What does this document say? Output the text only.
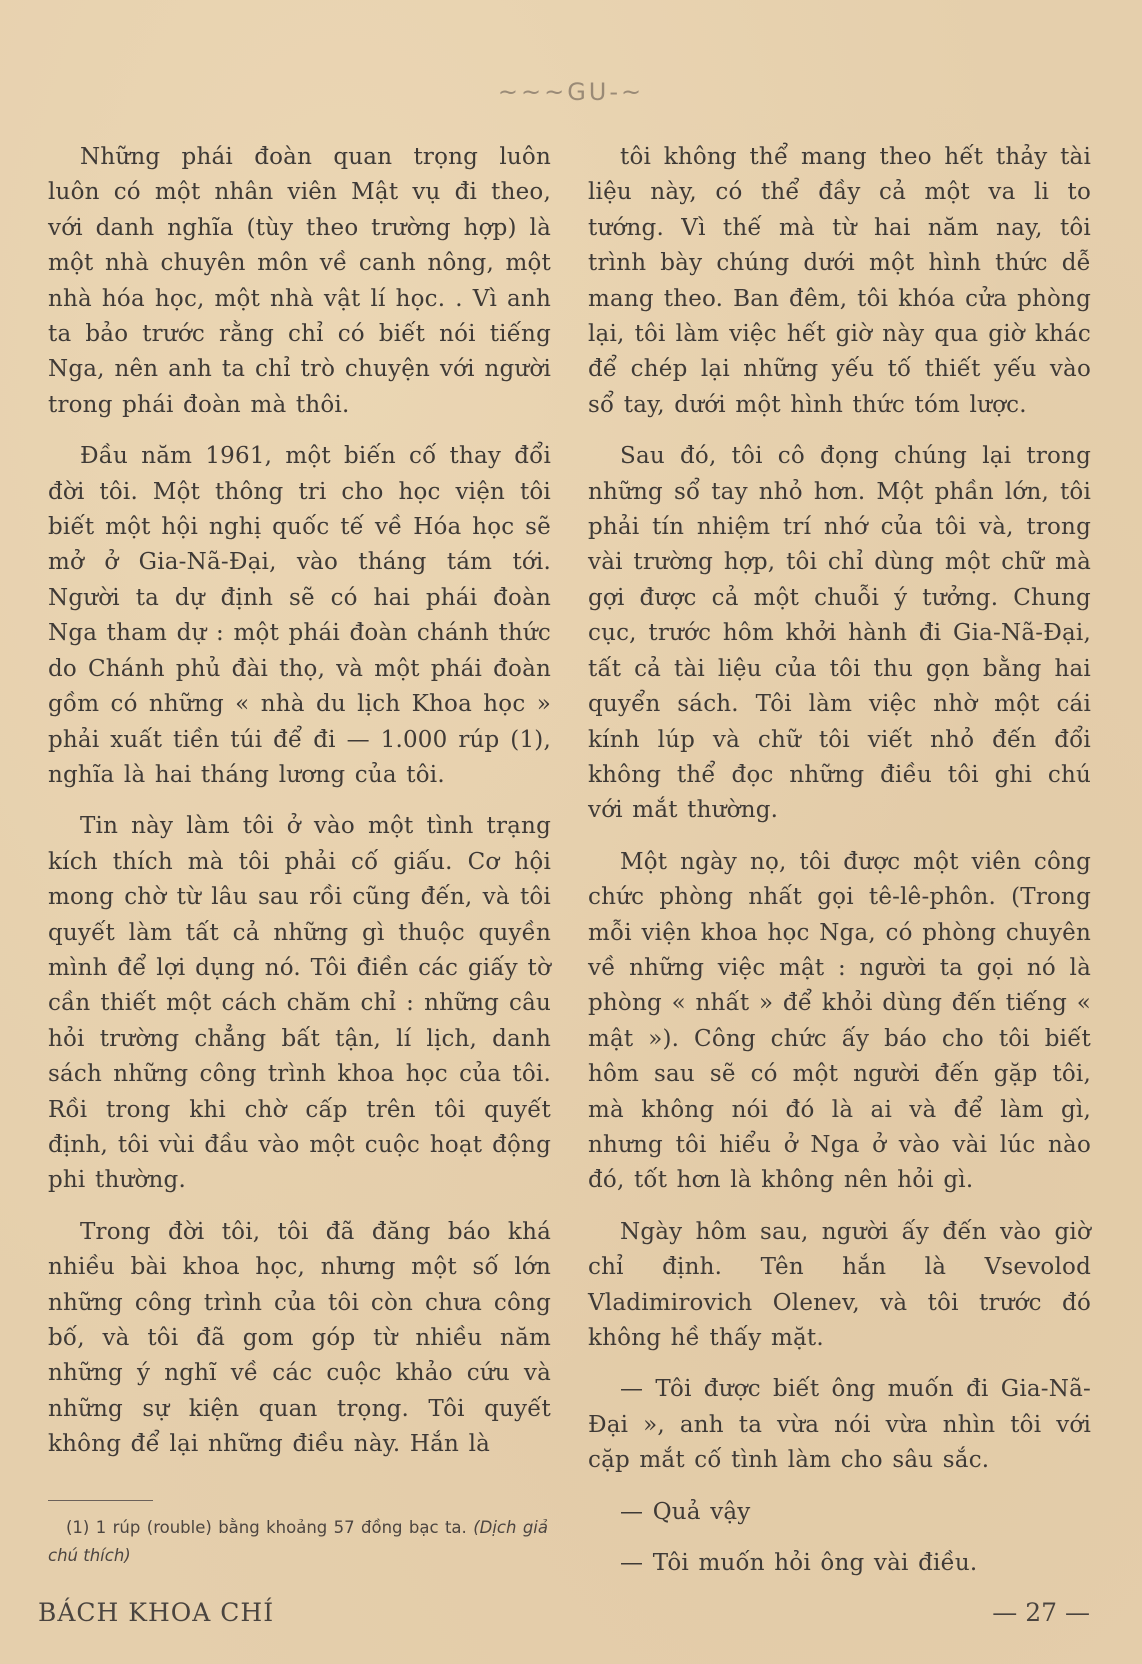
~~~GU-~

Những phái đoàn quan trọng luôn luôn có một nhân viên Mật vụ đi theo, với danh nghĩa (tùy theo trường hợp) là một nhà chuyên môn về canh nông, một nhà hóa học, một nhà vật lí học. . Vì anh ta bảo trước rằng chỉ có biết nói tiếng Nga, nên anh ta chỉ trò chuyện với người trong phái đoàn mà thôi.

Đầu năm 1961, một biến cố thay đổi đời tôi. Một thông tri cho học viện tôi biết một hội nghị quốc tế về Hóa học sẽ mở ở Gia-Nã-Đại, vào tháng tám tới. Người ta dự định sẽ có hai phái đoàn Nga tham dự : một phái đoàn chánh thức do Chánh phủ đài thọ, và một phái đoàn gồm có những « nhà du lịch Khoa học » phải xuất tiền túi để đi — 1.000 rúp (1), nghĩa là hai tháng lương của tôi.

Tin này làm tôi ở vào một tình trạng kích thích mà tôi phải cố giấu. Cơ hội mong chờ từ lâu sau rồi cũng đến, và tôi quyết làm tất cả những gì thuộc quyền mình để lợi dụng nó. Tôi điền các giấy tờ cần thiết một cách chăm chỉ : những câu hỏi trường chẳng bất tận, lí lịch, danh sách những công trình khoa học của tôi. Rồi trong khi chờ cấp trên tôi quyết định, tôi vùi đầu vào một cuộc hoạt động phi thường.

Trong đời tôi, tôi đã đăng báo khá nhiều bài khoa học, nhưng một số lớn những công trình của tôi còn chưa công bố, và tôi đã gom góp từ nhiều năm những ý nghĩ về các cuộc khảo cứu và những sự kiện quan trọng. Tôi quyết không để lại những điều này. Hắn là

tôi không thể mang theo hết thảy tài liệu này, có thể đầy cả một va li to tướng. Vì thế mà từ hai năm nay, tôi trình bày chúng dưới một hình thức dễ mang theo. Ban đêm, tôi khóa cửa phòng lại, tôi làm việc hết giờ này qua giờ khác để chép lại những yếu tố thiết yếu vào sổ tay, dưới một hình thức tóm lược.

Sau đó, tôi cô đọng chúng lại trong những sổ tay nhỏ hơn. Một phần lớn, tôi phải tín nhiệm trí nhớ của tôi và, trong vài trường hợp, tôi chỉ dùng một chữ mà gợi được cả một chuỗi ý tưởng. Chung cục, trước hôm khởi hành đi Gia-Nã-Đại, tất cả tài liệu của tôi thu gọn bằng hai quyển sách. Tôi làm việc nhờ một cái kính lúp và chữ tôi viết nhỏ đến đổi không thể đọc những điều tôi ghi chú với mắt thường.

Một ngày nọ, tôi được một viên công chức phòng nhất gọi tê-lê-phôn. (Trong mỗi viện khoa học Nga, có phòng chuyên về những việc mật : người ta gọi nó là phòng « nhất » để khỏi dùng đến tiếng « mật »). Công chức ấy báo cho tôi biết hôm sau sẽ có một người đến gặp tôi, mà không nói đó là ai và để làm gì, nhưng tôi hiểu ở Nga ở vào vài lúc nào đó, tốt hơn là không nên hỏi gì.

Ngày hôm sau, người ấy đến vào giờ chỉ định. Tên hắn là Vsevolod Vladimirovich Olenev, và tôi trước đó không hề thấy mặt.

— Tôi được biết ông muốn đi Gia-Nã-Đại », anh ta vừa nói vừa nhìn tôi với cặp mắt cố tình làm cho sâu sắc.

— Quả vậy

— Tôi muốn hỏi ông vài điều.

(1) 1 rúp (rouble) bằng khoảng 57 đồng bạc ta. (Dịch giả chú thích)
BÁCH KHOA CHÍ	— 27 —
